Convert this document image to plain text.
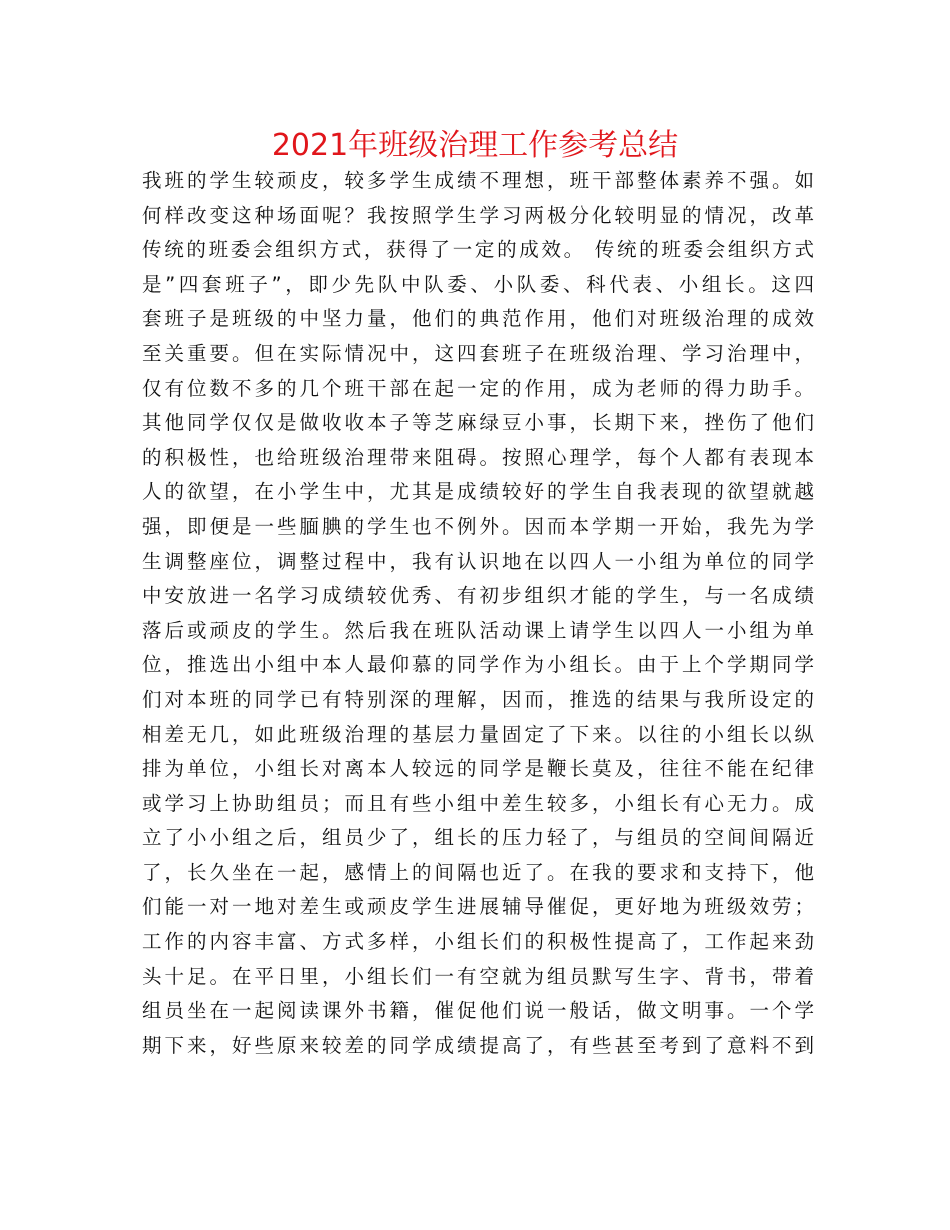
2021年班级治理工作参考总结
我班的学生较顽皮，较多学生成绩不理想，班干部整体素养不强。如
何样改变这种场面呢？我按照学生学习两极分化较明显的情况，改革
传统的班委会组织方式，获得了一定的成效。 传统的班委会组织方式
是”四套班子”，即少先队中队委、小队委、科代表、小组长。这四
套班子是班级的中坚力量，他们的典范作用，他们对班级治理的成效
至关重要。但在实际情况中，这四套班子在班级治理、学习治理中，
仅有位数不多的几个班干部在起一定的作用，成为老师的得力助手。
其他同学仅仅是做收收本子等芝麻绿豆小事，长期下来，挫伤了他们
的积极性，也给班级治理带来阻碍。按照心理学，每个人都有表现本
人的欲望，在小学生中，尤其是成绩较好的学生自我表现的欲望就越
强，即便是一些腼腆的学生也不例外。因而本学期一开始，我先为学
生调整座位，调整过程中，我有认识地在以四人一小组为单位的同学
中安放进一名学习成绩较优秀、有初步组织才能的学生，与一名成绩
落后或顽皮的学生。然后我在班队活动课上请学生以四人一小组为单
位，推选出小组中本人最仰慕的同学作为小组长。由于上个学期同学
们对本班的同学已有特别深的理解，因而，推选的结果与我所设定的
相差无几，如此班级治理的基层力量固定了下来。以往的小组长以纵
排为单位，小组长对离本人较远的同学是鞭长莫及，往往不能在纪律
或学习上协助组员；而且有些小组中差生较多，小组长有心无力。成
立了小小组之后，组员少了，组长的压力轻了，与组员的空间间隔近
了，长久坐在一起，感情上的间隔也近了。在我的要求和支持下，他
们能一对一地对差生或顽皮学生进展辅导催促，更好地为班级效劳；
工作的内容丰富、方式多样，小组长们的积极性提高了，工作起来劲
头十足。在平日里，小组长们一有空就为组员默写生字、背书，带着
组员坐在一起阅读课外书籍，催促他们说一般话，做文明事。一个学
期下来，好些原来较差的同学成绩提高了，有些甚至考到了意料不到
